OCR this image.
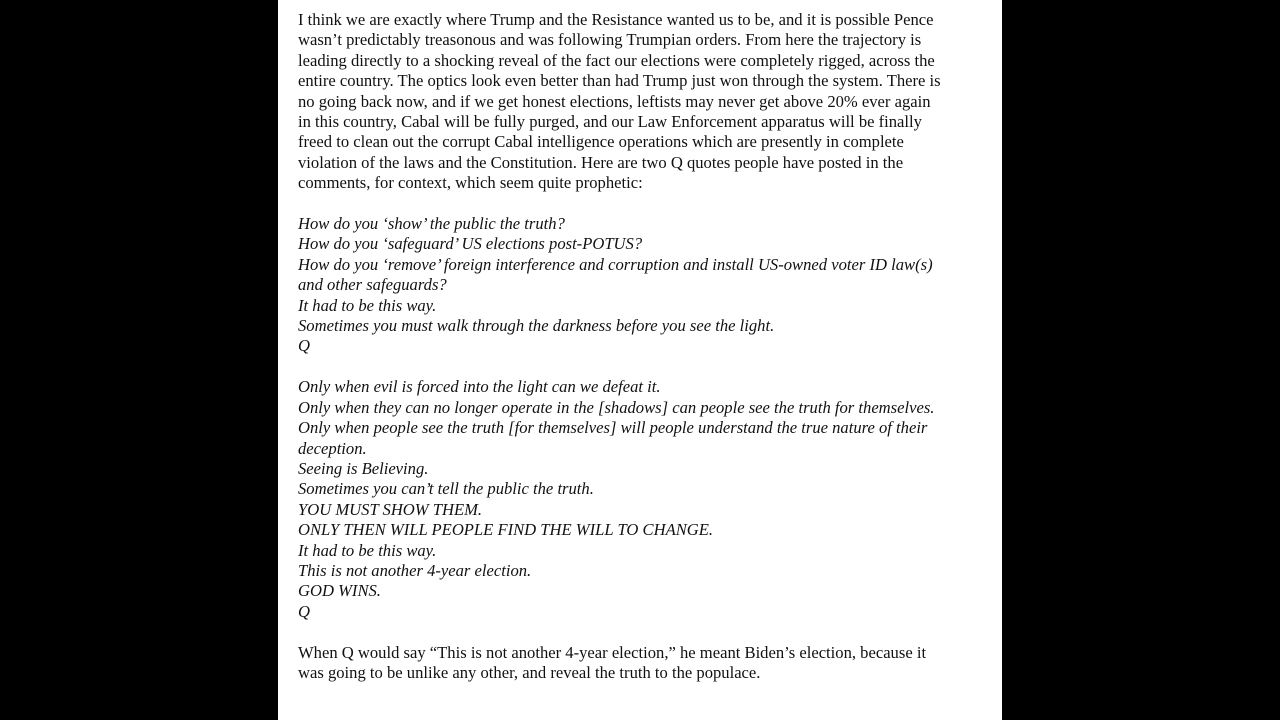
I think we are exactly where Trump and the Resistance wanted us to be, and it is possible Pence
wasn’t predictably treasonous and was following Trumpian orders. From here the trajectory is
leading directly to a shocking reveal of the fact our elections were completely rigged, across the
entire country. The optics look even better than had Trump just won through the system. There is
no going back now, and if we get honest elections, leftists may never get above 20% ever again
in this country, Cabal will be fully purged, and our Law Enforcement apparatus will be finally
freed to clean out the corrupt Cabal intelligence operations which are presently in complete
violation of the laws and the Constitution. Here are two Q quotes people have posted in the
comments, for context, which seem quite prophetic:
How do you ‘show’ the public the truth?
How do you ‘safeguard’ US elections post-POTUS?
How do you ‘remove’ foreign interference and corruption and install US-owned voter ID law(s)
and other safeguards?
It had to be this way.
Sometimes you must walk through the darkness before you see the light.
Q
Only when evil is forced into the light can we defeat it.
Only when they can no longer operate in the [shadows] can people see the truth for themselves.
Only when people see the truth [for themselves] will people understand the true nature of their
deception.
Seeing is Believing.
Sometimes you can’t tell the public the truth.
YOU MUST SHOW THEM.
ONLY THEN WILL PEOPLE FIND THE WILL TO CHANGE.
It had to be this way.
This is not another 4-year election.
GOD WINS.
Q
When Q would say “This is not another 4-year election,” he meant Biden’s election, because it
was going to be unlike any other, and reveal the truth to the populace.
